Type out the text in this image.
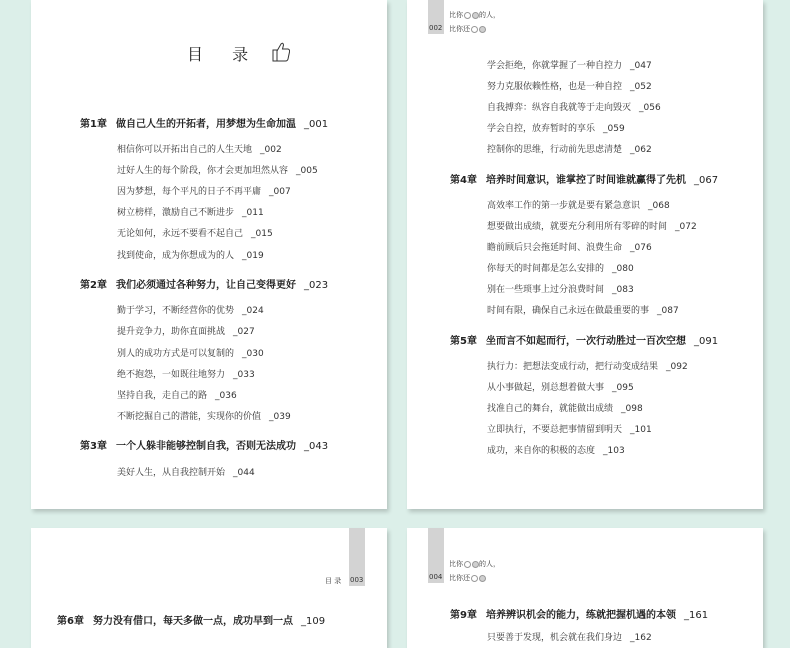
目 录
第1章 做自己人生的开拓者，用梦想为生命加温 _001
相信你可以开拓出自己的人生天地 _002
过好人生的每个阶段，你才会更加坦然从容 _005
因为梦想，每个平凡的日子不再平庸 _007
树立榜样，激励自己不断进步 _011
无论如何，永远不要看不起自己 _015
找到使命，成为你想成为的人 _019
第2章 我们必须通过各种努力，让自己变得更好 _023
勤于学习，不断经营你的优势 _024
提升竞争力，助你直面挑战 _027
别人的成功方式是可以复制的 _030
绝不抱怨，一如既往地努力 _033
坚持自我，走自己的路 _036
不断挖掘自己的潜能，实现你的价值 _039
第3章 一个人躲非能够控制自我，否则无法成功 _043
美好人生，从自我控制开始 _044
002
比你 的人，
比你还
学会拒绝，你就掌握了一种自控力 _047
努力克服依赖性格，也是一种自控 _052
自我搏弈：纵容自我就等于走向毁灭 _056
学会自控，放弃暂时的享乐 _059
控制你的思维，行动前先思虑清楚 _062
第4章 培养时间意识，谁掌控了时间谁就赢得了先机 _067
高效率工作的第一步就是要有紧急意识 _068
想要做出成绩，就要充分利用所有零碎的时间 _072
瞻前顾后只会拖延时间、浪费生命 _076
你每天的时间都是怎么安排的 _080
别在一些琐事上过分浪费时间 _083
时间有限，确保自己永远在做最重要的事 _087
第5章 坐而言不如起而行，一次行动胜过一百次空想 _091
执行力：把想法变成行动，把行动变成结果 _092
从小事做起，别总想着做大事 _095
找准自己的舞台，就能做出成绩 _098
立即执行，不要总把事情留到明天 _101
成功，来自你的积极的态度 _103
目 录 003
第6章 努力没有借口，每天多做一点，成功早到一点 _109
004
比你 的人，
比你还
第9章 培养辨识机会的能力，练就把握机遇的本领 _161
只要善于发现，机会就在我们身边 _162
